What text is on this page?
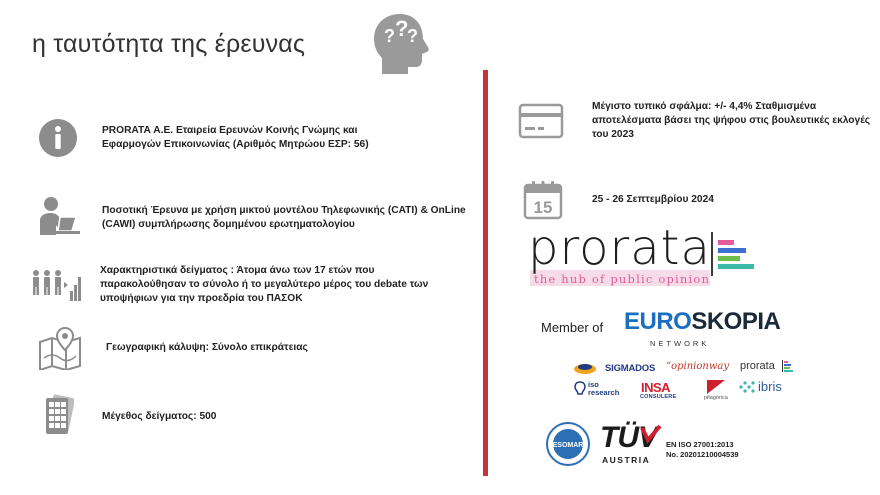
η ταυτότητα της έρευνας	? ?
?
PRORATA Α.Ε. Εταιρεία Ερευνών Κοινής Γνώμης και Εφαρμογών Επικοινωνίας (Αριθμός Μητρώου ΕΣΡ: 56)
Ποσοτική Έρευνα με χρήση μικτού μοντέλου Τηλεφωνικής (CATI) & OnLine (CAWI) συμπλήρωσης δομημένου ερωτηματολογίου
Χαρακτηριστικά δείγματος : Άτομα άνω των 17 ετών που παρακολούθησαν το σύνολο ή το μεγαλύτερο μέρος του debate των υποψήφιων για την προεδρία του ΠΑΣΟΚ
Γεωγραφική κάλυψη: Σύνολο επικράτειας
Μέγεθος δείγματος: 500
Μέγιστο τυπικό σφάλμα: +/- 4,4% Σταθμισμένα αποτελέσματα βάσει της ψήφου στις βουλευτικές εκλογές του 2023
15	25 - 26 Σεπτεμβρίου 2024
prorata
the hub of public opinion
Member of EUROSKOPIA
NETWORK
SIGMADOS “opinionway prorata
iso
research INSA
CONSULERE	pitagórica
ibris
ESOMAR TÜV
AUSTRIA
EN ISO 27001:2013
No. 20201210004539
